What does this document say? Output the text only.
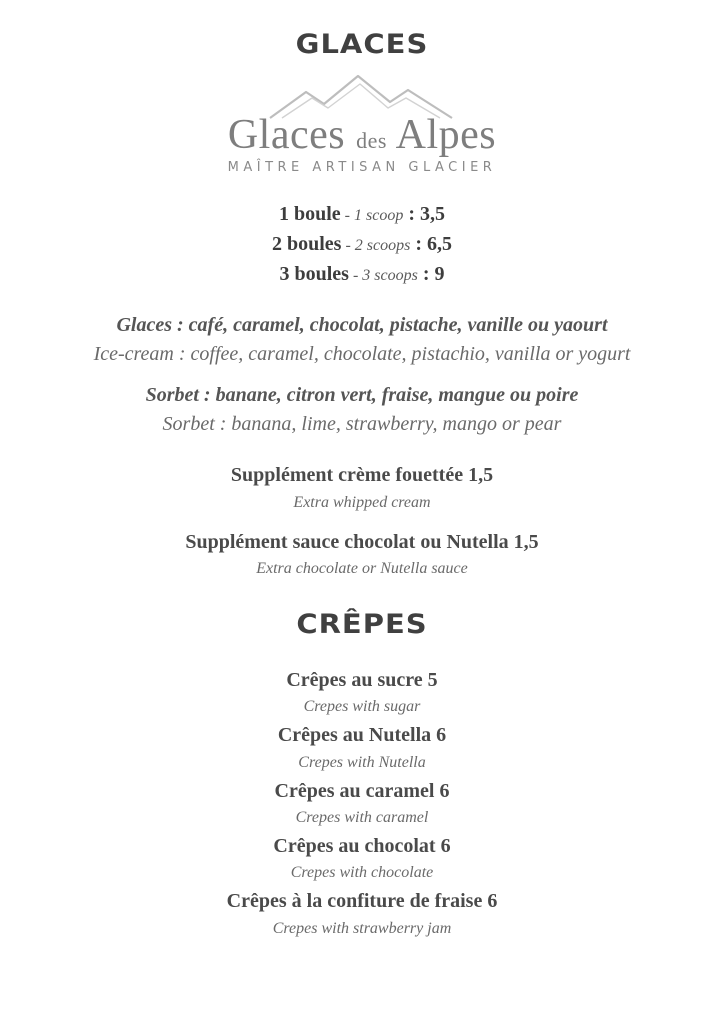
GLACES
Glaces des Alpes
MAÎTRE ARTISAN GLACIER
1 boule - 1 scoop : 3,5
2 boules - 2 scoops : 6,5
3 boules - 3 scoops : 9
Glaces : café, caramel, chocolat, pistache, vanille ou yaourt
Ice-cream : coffee, caramel, chocolate, pistachio, vanilla or yogurt
Sorbet : banane, citron vert, fraise, mangue ou poire
Sorbet : banana, lime, strawberry, mango or pear
Supplément crème fouettée 1,5
Extra whipped cream
Supplément sauce chocolat ou Nutella 1,5
Extra chocolate or Nutella sauce
CRÊPES
Crêpes au sucre 5
Crepes with sugar
Crêpes au Nutella 6
Crepes with Nutella
Crêpes au caramel 6
Crepes with caramel
Crêpes au chocolat 6
Crepes with chocolate
Crêpes à la confiture de fraise 6
Crepes with strawberry jam
